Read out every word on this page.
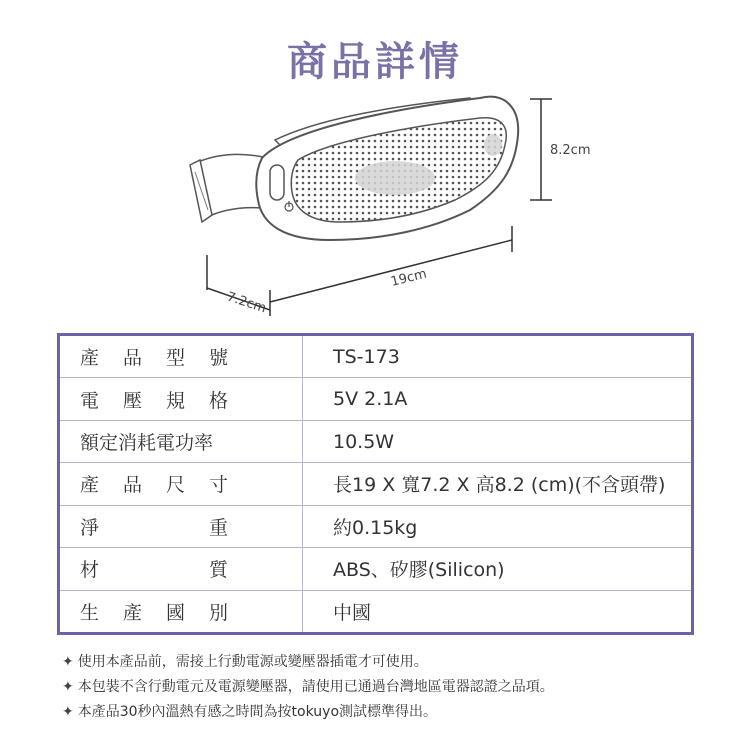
商品詳情
8.2cm
19cm
7.2cm
產 品 型 號	TS-173

電 壓 規 格	5V 2.1A

額定消耗電功率	10.5W

產 品 尺 寸	長19 X 寬7.2 X 高8.2 (cm)(不含頭帶)

淨 重	約0.15kg

材 質	ABS、矽膠(Silicon)

生 產 國 別	中國
✦ 使用本產品前，需接上行動電源或變壓器插電才可使用。
✦ 本包裝不含行動電元及電源變壓器，請使用已通過台灣地區電器認證之品項。
✦ 本產品30秒內溫熱有感之時間為按tokuyo測試標準得出。
